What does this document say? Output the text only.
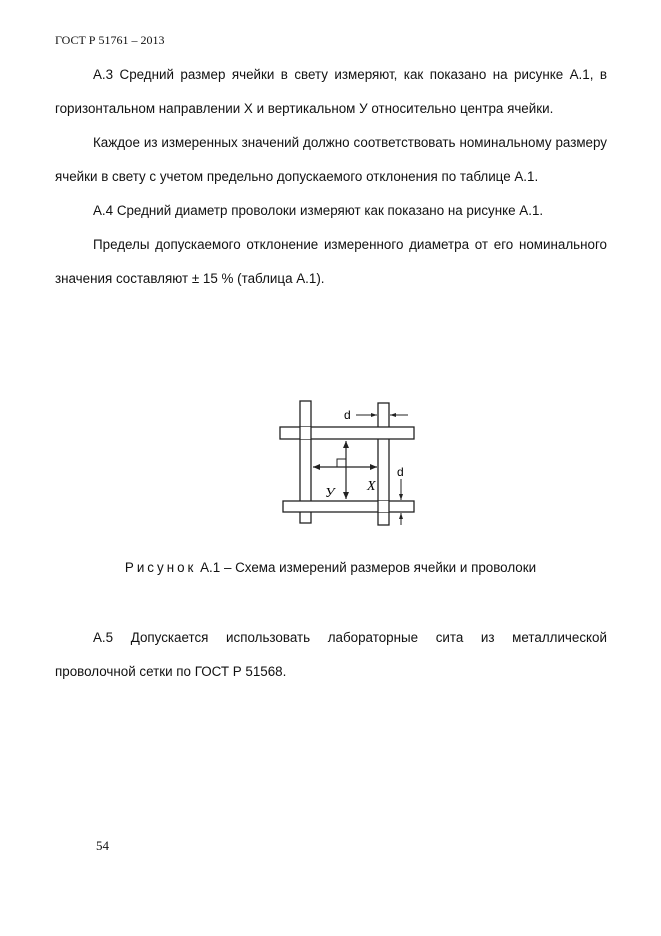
ГОСТ Р 51761 – 2013

А.3 Средний размер ячейки в свету измеряют, как показано на рисунке А.1, в горизонтальном направлении X и вертикальном У относительно центра ячейки.

Каждое из измеренных значений должно соответствовать номинальному размеру ячейки в свету с учетом предельно допускаемого отклонения по таблице А.1.

А.4 Средний диаметр проволоки измеряют как показано на рисунке А.1.

Пределы допускаемого отклонение измеренного диаметра от его номинального значения составляют ± 15 % (таблица А.1).

d
d
X
У
Рисунок А.1 – Схема измерений размеров ячейки и проволоки

А.5 Допускается использовать лабораторные сита из металлической проволочной сетки по ГОСТ Р 51568.

54
